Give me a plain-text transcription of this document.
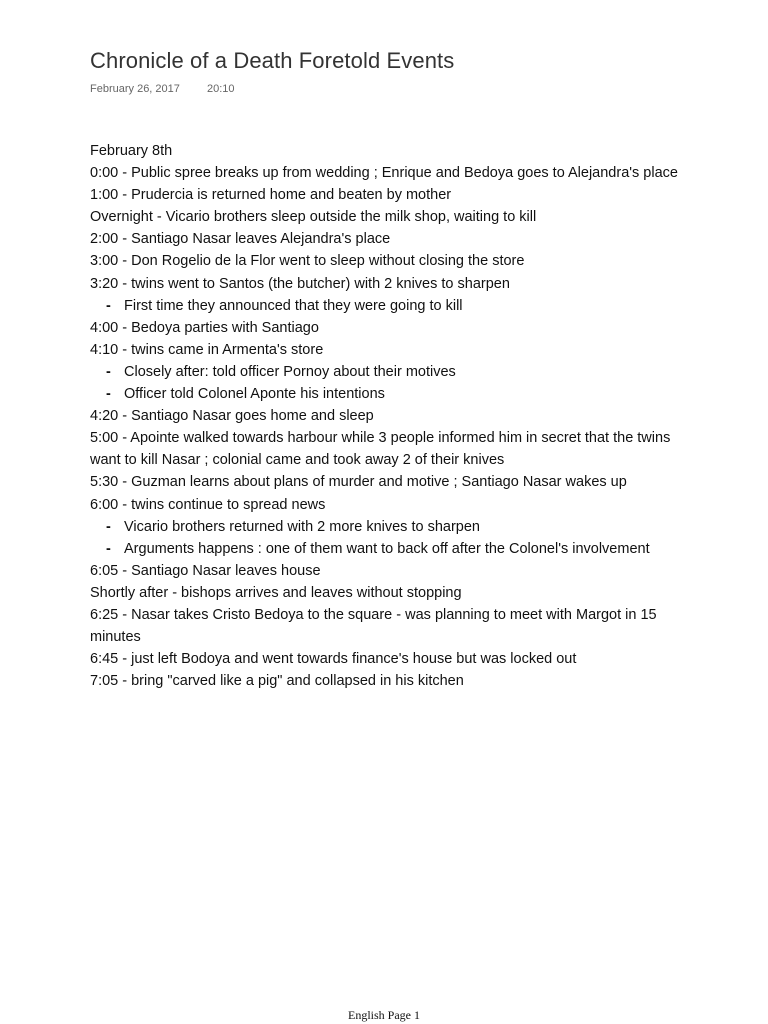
Chronicle of a Death Foretold Events
February 26, 2017 20:10
February 8th
0:00 - Public spree breaks up from wedding ; Enrique and Bedoya goes to Alejandra's place
1:00 - Prudercia is returned home and beaten by mother
Overnight - Vicario brothers sleep outside the milk shop, waiting to kill
2:00 - Santiago Nasar leaves Alejandra's place
3:00 - Don Rogelio de la Flor went to sleep without closing the store
3:20 - twins went to Santos (the butcher) with 2 knives to sharpen
- First time they announced that they were going to kill
4:00 - Bedoya parties with Santiago
4:10 - twins came in Armenta's store
- Closely after: told officer Pornoy about their motives
- Officer told Colonel Aponte his intentions
4:20 - Santiago Nasar goes home and sleep
5:00 - Apointe walked towards harbour while 3 people informed him in secret that the twins want to kill Nasar ; colonial came and took away 2 of their knives
5:30 - Guzman learns about plans of murder and motive ; Santiago Nasar wakes up
6:00 - twins continue to spread news
- Vicario brothers returned with 2 more knives to sharpen
- Arguments happens : one of them want to back off after the Colonel's involvement
6:05 - Santiago Nasar leaves house
Shortly after - bishops arrives and leaves without stopping
6:25 - Nasar takes Cristo Bedoya to the square - was planning to meet with Margot in 15 minutes
6:45 - just left Bodoya and went towards finance's house but was locked out
7:05 - bring "carved like a pig" and collapsed in his kitchen
English Page 1
